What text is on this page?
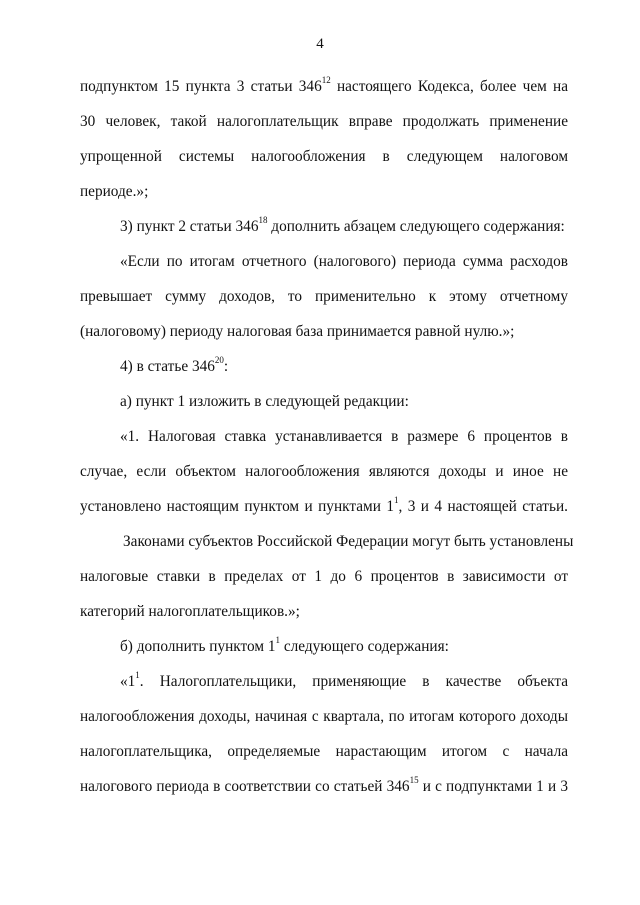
4
подпунктом 15 пункта 3 статьи $346^{12}$ настоящего Кодекса, более чем на
30 человек, такой налогоплательщик вправе продолжать применение
упрощенной системы налогообложения в следующем налоговом
периоде.»;
3) пункт 2 статьи $346^{18}$ дополнить абзацем следующего содержания:
«Если по итогам отчетного (налогового) периода сумма расходов
превышает сумму доходов, то применительно к этому отчетному
(налоговому) периоду налоговая база принимается равной нулю.»;
4) в статье $346^{20}$:
а) пункт 1 изложить в следующей редакции:
«1. Налоговая ставка устанавливается в размере 6 процентов в
случае, если объектом налогообложения являются доходы и иное не
установлено настоящим пунктом и пунктами $1^1$, 3 и 4 настоящей статьи.
Законами субъектов Российской Федерации могут быть установлены
налоговые ставки в пределах от 1 до 6 процентов в зависимости от
категорий налогоплательщиков.»;
б) дополнить пунктом $1^1$ следующего содержания:
«$1^1$. Налогоплательщики, применяющие в качестве объекта
налогообложения доходы, начиная с квартала, по итогам которого доходы
налогоплательщика, определяемые нарастающим итогом с начала
налогового периода в соответствии со статьей $346^{15}$ и с подпунктами 1 и 3
